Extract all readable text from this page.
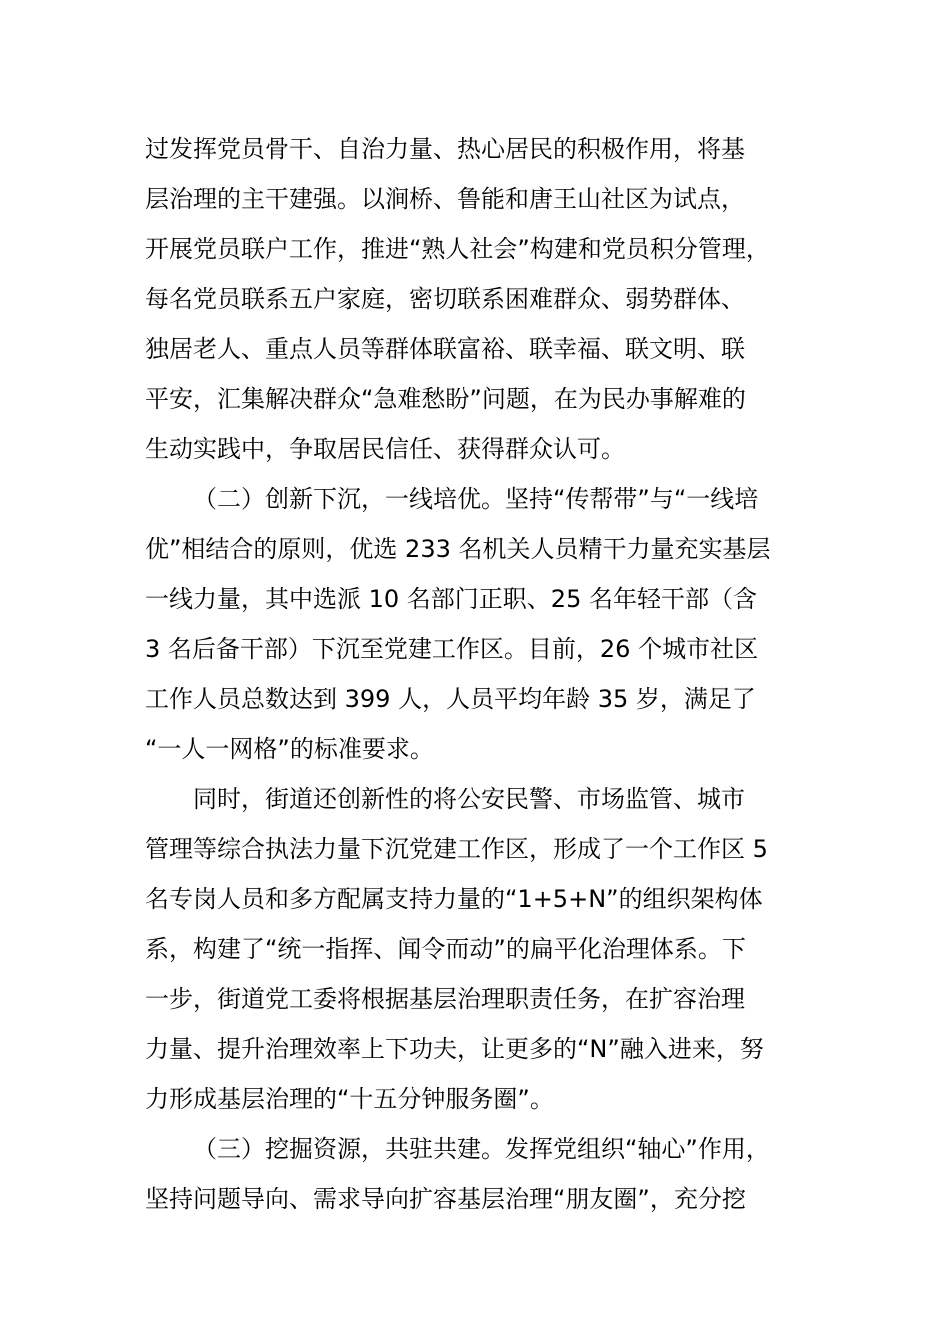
过发挥党员骨干、自治力量、热心居民的积极作用，将基
层治理的主干建强。以涧桥、鲁能和唐王山社区为试点，
开展党员联户工作，推进“熟人社会”构建和党员积分管理，
每名党员联系五户家庭，密切联系困难群众、弱势群体、
独居老人、重点人员等群体联富裕、联幸福、联文明、联
平安，汇集解决群众“急难愁盼”问题，在为民办事解难的
生动实践中，争取居民信任、获得群众认可。
（二）创新下沉，一线培优。坚持“传帮带”与“一线培
优”相结合的原则，优选 233 名机关人员精干力量充实基层
一线力量，其中选派 10 名部门正职、25 名年轻干部（含
3 名后备干部）下沉至党建工作区。目前，26 个城市社区
工作人员总数达到 399 人，人员平均年龄 35 岁，满足了
“一人一网格”的标准要求。
同时，街道还创新性的将公安民警、市场监管、城市
管理等综合执法力量下沉党建工作区，形成了一个工作区 5
名专岗人员和多方配属支持力量的“1+5+N”的组织架构体
系，构建了“统一指挥、闻令而动”的扁平化治理体系。下
一步，街道党工委将根据基层治理职责任务，在扩容治理
力量、提升治理效率上下功夫，让更多的“N”融入进来，努
力形成基层治理的“十五分钟服务圈”。
（三）挖掘资源，共驻共建。发挥党组织“轴心”作用，
坚持问题导向、需求导向扩容基层治理“朋友圈”，充分挖
